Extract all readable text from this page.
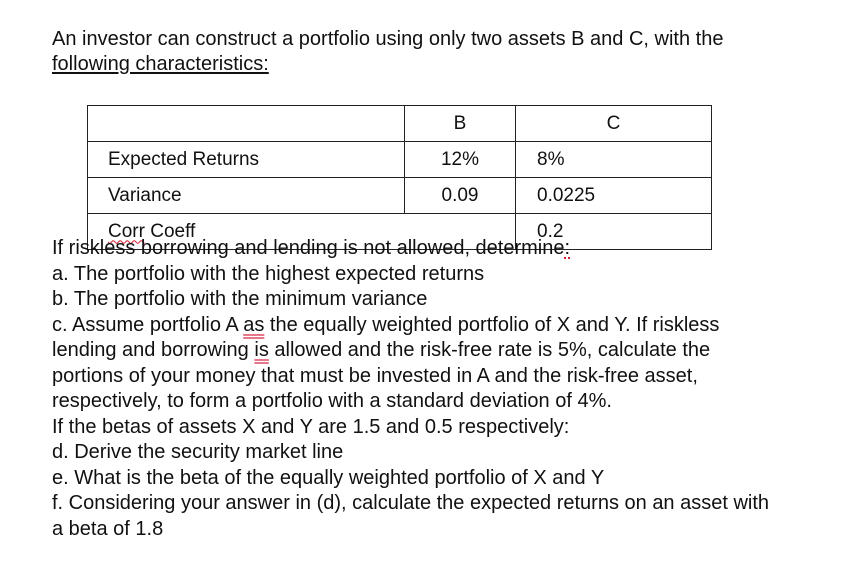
An investor can construct a portfolio using only two assets B and C, with the

following characteristics:

	B	C
Expected Returns	12%	8%
Variance	0.09	0.0225
Corr Coeff		0.2

If riskless borrowing and lending is not allowed, determine:

a. The portfolio with the highest expected returns

b. The portfolio with the minimum variance

c. Assume portfolio A as the equally weighted portfolio of X and Y. If riskless

lending and borrowing is allowed and the risk-free rate is 5%, calculate the

portions of your money that must be invested in A and the risk-free asset,

respectively, to form a portfolio with a standard deviation of 4%.

If the betas of assets X and Y are 1.5 and 0.5 respectively:

d. Derive the security market line

e. What is the beta of the equally weighted portfolio of X and Y

f. Considering your answer in (d), calculate the expected returns on an asset with

a beta of 1.8
